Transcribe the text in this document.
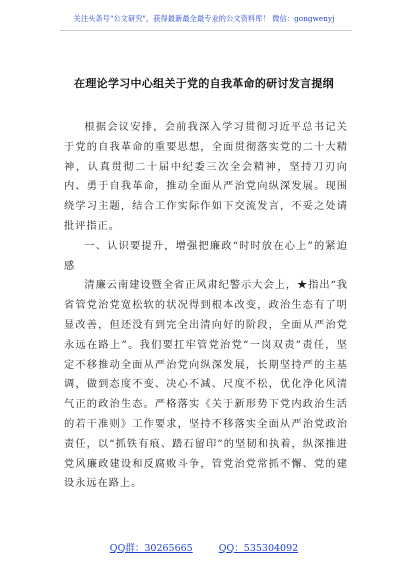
关注头条号"公文研究"，获得最新最全最专业的公文资料库！ 微信：gongwenyj
在理论学习中心组关于党的自我革命的研讨发言提纲

根据会议安排，会前我深入学习贯彻习近平总书记关于党的自我革命的重要思想，全面贯彻落实党的二十大精神，认真贯彻二十届中纪委三次全会精神，坚持刀刃向内、勇于自我革命，推动全面从严治党向纵深发展。现围绕学习主题，结合工作实际作如下交流发言，不妥之处请批评指正。

一、认识要提升，增强把廉政“时时放在心上”的紧迫感

清廉云南建设暨全省正风肃纪警示大会上，★指出“我省管党治党宽松软的状况得到根本改变，政治生态有了明显改善，但还没有到完全出清向好的阶段，全面从严治党永远在路上”。我们要扛牢管党治党“一岗双责”责任，坚定不移推动全面从严治党向纵深发展，长期坚持严的主基调，做到态度不变、决心不减、尺度不松，优化净化风清气正的政治生态。严格落实《关于新形势下党内政治生活的若干准则》工作要求，坚持不移落实全面从严治党政治责任，以“抓铁有痕、踏石留印”的坚韧和执着，纵深推进党风廉政建设和反腐败斗争，管党治党常抓不懈、党的建设永远在路上。

QQ群：30265665	QQ：535304092
